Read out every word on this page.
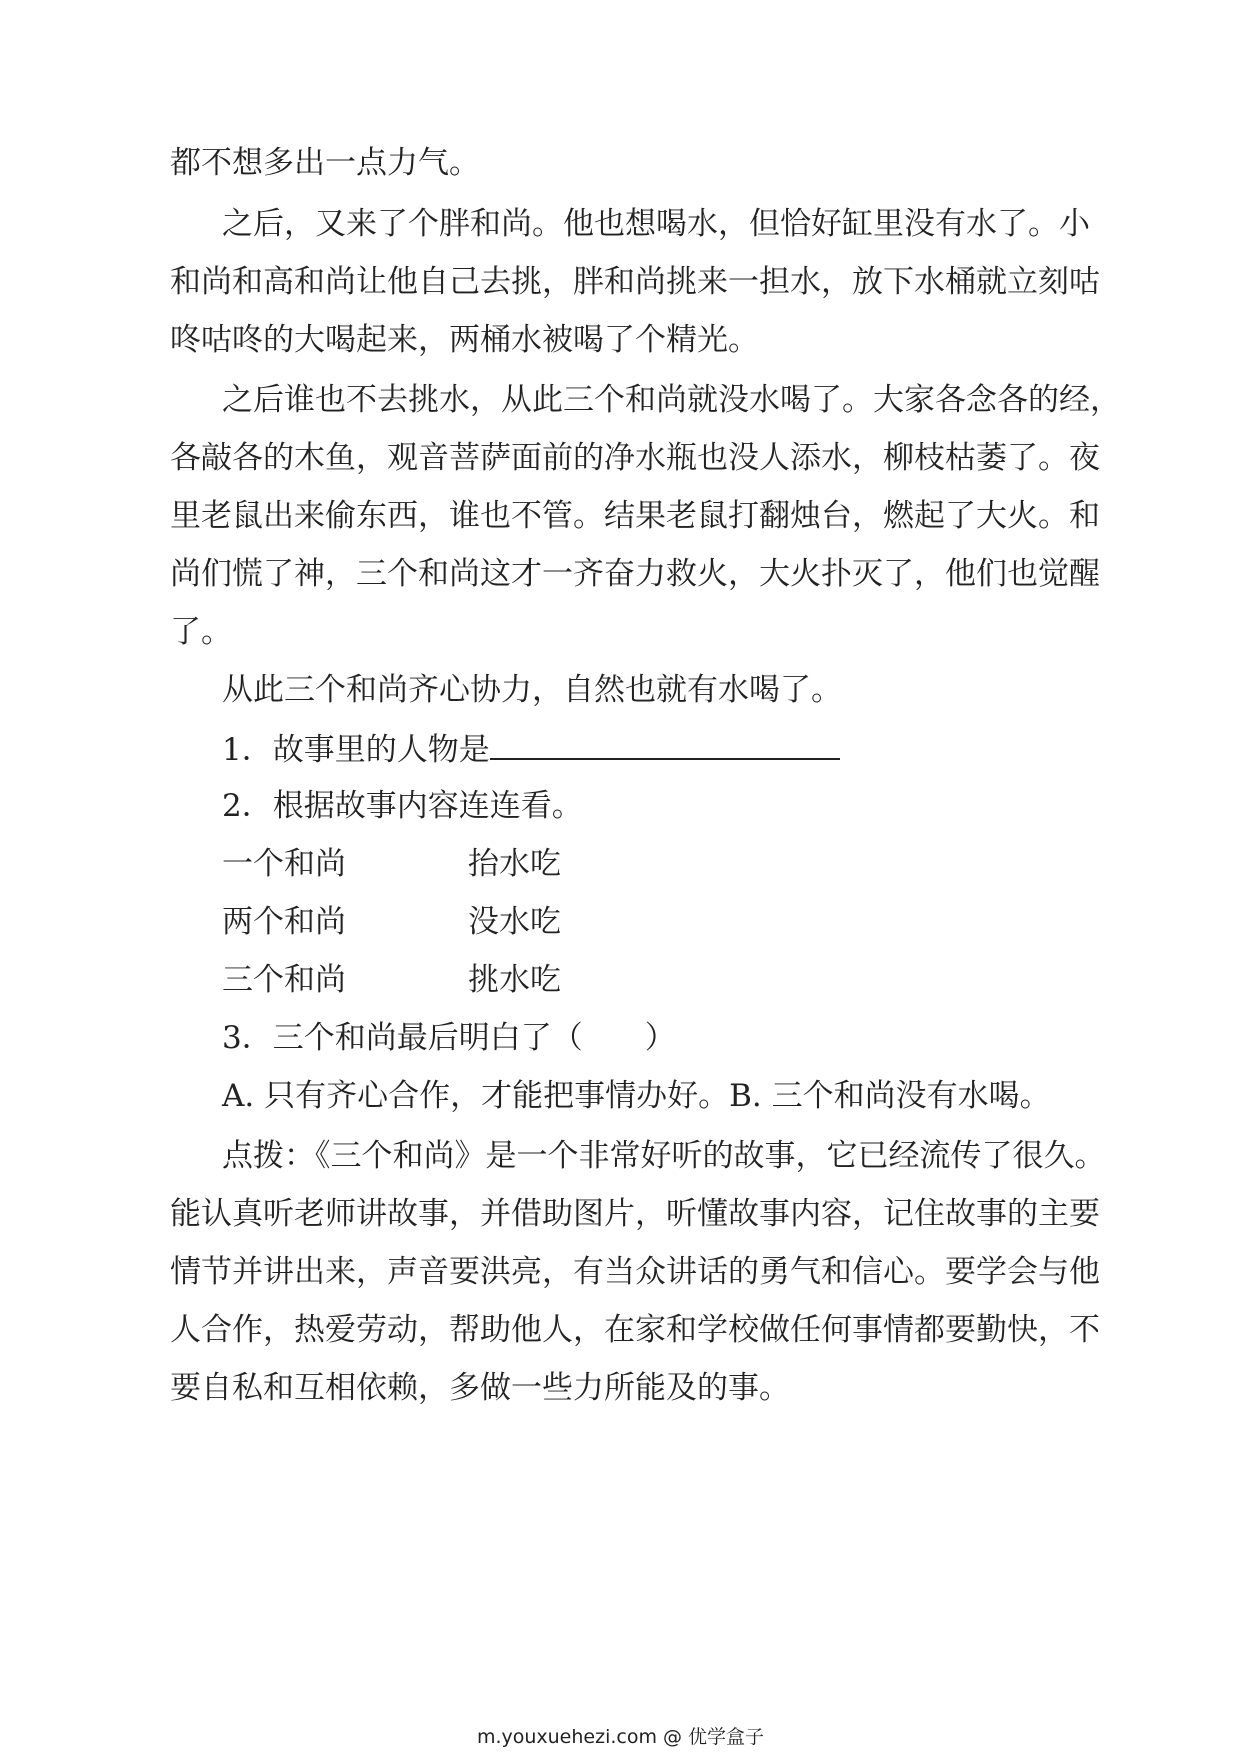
都不想多出一点力气。
之后，又来了个胖和尚。他也想喝水，但恰好缸里没有水了。小
和尚和高和尚让他自己去挑，胖和尚挑来一担水，放下水桶就立刻咕
咚咕咚的大喝起来，两桶水被喝了个精光。
之后谁也不去挑水，从此三个和尚就没水喝了。大家各念各的经，
各敲各的木鱼，观音菩萨面前的净水瓶也没人添水，柳枝枯萎了。夜
里老鼠出来偷东西，谁也不管。结果老鼠打翻烛台，燃起了大火。和
尚们慌了神，三个和尚这才一齐奋力救火，大火扑灭了，他们也觉醒
了。
从此三个和尚齐心协力，自然也就有水喝了。
1．故事里的人物是
2．根据故事内容连连看。
一个和尚	抬水吃
两个和尚	没水吃
三个和尚	挑水吃
3．三个和尚最后明白了（　　）
A. 只有齐心合作，才能把事情办好。B. 三个和尚没有水喝。
点拨：《三个和尚》是一个非常好听的故事，它已经流传了很久。
能认真听老师讲故事，并借助图片，听懂故事内容，记住故事的主要
情节并讲出来，声音要洪亮，有当众讲话的勇气和信心。要学会与他
人合作，热爱劳动，帮助他人，在家和学校做任何事情都要勤快，不
要自私和互相依赖，多做一些力所能及的事。
m.youxuehezi.com @ 优学盒子
